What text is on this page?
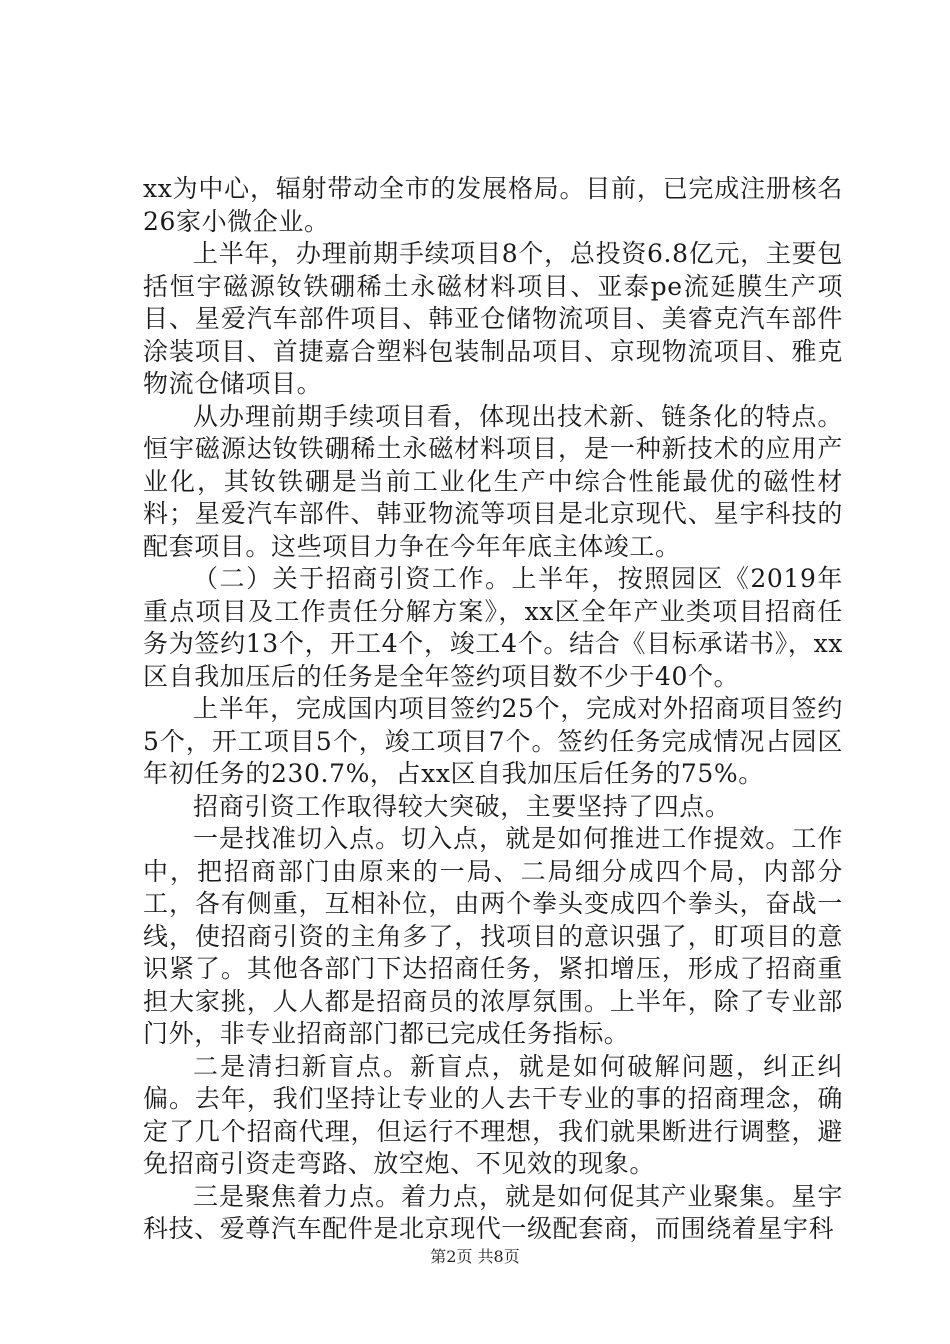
xx为中心，辐射带动全市的发展格局。目前，已完成注册核名26家小微企业。

上半年，办理前期手续项目8个，总投资6.8亿元，主要包括恒宇磁源钕铁硼稀土永磁材料项目、亚泰pe流延膜生产项目、星爱汽车部件项目、韩亚仓储物流项目、美睿克汽车部件涂装项目、首捷嘉合塑料包装制品项目、京现物流项目、雅克物流仓储项目。

从办理前期手续项目看，体现出技术新、链条化的特点。恒宇磁源达钕铁硼稀土永磁材料项目，是一种新技术的应用产业化，其钕铁硼是当前工业化生产中综合性能最优的磁性材料；星爱汽车部件、韩亚物流等项目是北京现代、星宇科技的配套项目。这些项目力争在今年年底主体竣工。

（二）关于招商引资工作。上半年，按照园区《2019年重点项目及工作责任分解方案》，xx区全年产业类项目招商任务为签约13个，开工4个，竣工4个。结合《目标承诺书》，xx区自我加压后的任务是全年签约项目数不少于40个。

上半年，完成国内项目签约25个，完成对外招商项目签约5个，开工项目5个，竣工项目7个。签约任务完成情况占园区年初任务的230.7%，占xx区自我加压后任务的75%。

招商引资工作取得较大突破，主要坚持了四点。

一是找准切入点。切入点，就是如何推进工作提效。工作中，把招商部门由原来的一局、二局细分成四个局，内部分工，各有侧重，互相补位，由两个拳头变成四个拳头，奋战一线，使招商引资的主角多了，找项目的意识强了，盯项目的意识紧了。其他各部门下达招商任务，紧扣增压，形成了招商重担大家挑，人人都是招商员的浓厚氛围。上半年，除了专业部门外，非专业招商部门都已完成任务指标。

二是清扫新盲点。新盲点，就是如何破解问题，纠正纠偏。去年，我们坚持让专业的人去干专业的事的招商理念，确定了几个招商代理，但运行不理想，我们就果断进行调整，避免招商引资走弯路、放空炮、不见效的现象。

三是聚焦着力点。着力点，就是如何促其产业聚集。星宇科技、爱尊汽车配件是北京现代一级配套商，而围绕着星宇科

第2页 共8页
